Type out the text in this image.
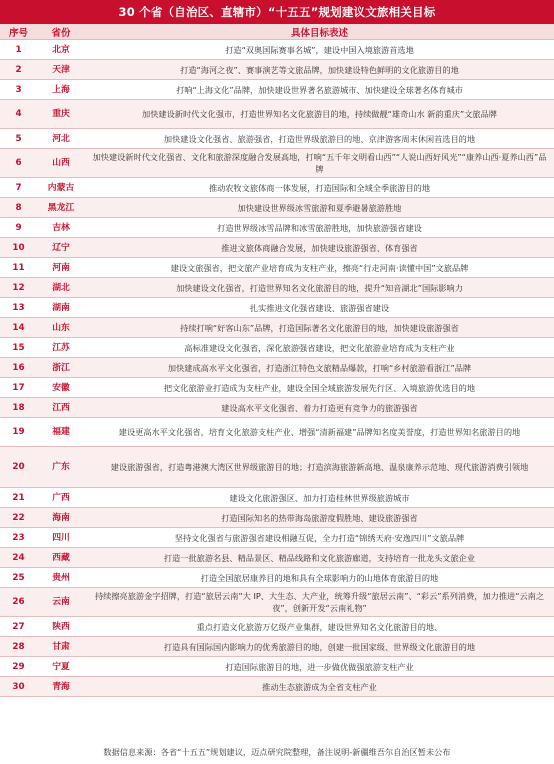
30 个省（自治区、直辖市）“十五五”规划建议文旅相关目标
序号	省份	具体目标表述
1	北京	打造“双奥国际赛事名城”，建设中国入境旅游首选地
2	天津	打造“海河之夜”、赛事演艺等文旅品牌，加快建设特色鲜明的文化旅游目的地
3	上海	打响“上海文化”品牌，加快建设世界著名旅游城市、加快建设全球著名体育城市
4	重庆	加快建设新时代文化强市，打造世界知名文化旅游目的地，持续做靓“雄奇山水 新韵重庆”文旅品牌
5	河北	加快建设文化强省、旅游强省，打造世界级旅游目的地、京津游客周末休闲首选目的地
6	山西	加快建设新时代文化强省、文化和旅游深度融合发展高地，打响“五千年文明看山西”“人说山西好风光”“康养山西·夏养山西”品牌
7	内蒙古	推动农牧文旅体商一体发展，打造国际和全域全季旅游目的地
8	黑龙江	加快建设世界级冰雪旅游和夏季避暑旅游胜地
9	吉林	打造世界级冰雪品牌和冰雪旅游胜地，加快旅游强省建设
10	辽宁	推进文旅体商融合发展，加快建设旅游强省、体育强省
11	河南	建设文旅强省，把文旅产业培育成为支柱产业，擦亮“行走河南·读懂中国”文旅品牌
12	湖北	加快建设文化强省，打造世界知名文化旅游目的地，提升“知音湖北”国际影响力
13	湖南	扎实推进文化强省建设、旅游强省建设
14	山东	持续打响“好客山东”品牌，打造国际著名文化旅游目的地，加快建设旅游强省
15	江苏	高标准建设文化强省，深化旅游强省建设，把文化旅游业培育成为支柱产业
16	浙江	加快建成高水平文化强省，打造浙江特色文旅精品爆款，打响“乡村旅游看浙江”品牌
17	安徽	把文化旅游业打造成为支柱产业，建设全国全域旅游发展先行区、入境旅游优选目的地
18	江西	建设高水平文化强省、着力打造更有竞争力的旅游强省
19	福建	建设更高水平文化强省，培育文化旅游支柱产业、增强“清新福建”品牌知名度美誉度，打造世界知名旅游目的地
20	广东	建设旅游强省，打造粤港澳大湾区世界级旅游目的地；打造滨海旅游新高地、温泉康养示范地、现代旅游消费引领地
21	广西	建设文化旅游强区、加力打造桂林世界级旅游城市
22	海南	打造国际知名的热带海岛旅游度假胜地、建设旅游强省
23	四川	坚持文化强省与旅游强省建设相融互促，全力打造“锦绣天府·安逸四川”文旅品牌
24	西藏	打造一批旅游名县、精品景区、精品线路和文化旅游廊道，支持培育一批龙头文旅企业
25	贵州	打造全国旅居康养目的地和具有全球影响力的山地体育旅游目的地
26	云南	持续擦亮旅游金字招牌，打造“旅居云南”大 IP、大生态、大产业，统筹升级“旅居云南”、“彩云”系列消费，加力推进“云南之夜”，创新开发“云南礼物”
27	陕西	重点打造文化旅游万亿级产业集群，建设世界知名文化旅游目的地、
28	甘肃	打造具有国际国内影响力的优秀旅游目的地，创建一批国家级、世界级文化旅游目的地
29	宁夏	打造国际旅游目的地，进一步做优做强旅游支柱产业
30	青海	推动生态旅游成为全省支柱产业
数据信息来源：各省“十五五”规划建议，迈点研究院整理，备注说明-新疆维吾尔自治区暂未公布
